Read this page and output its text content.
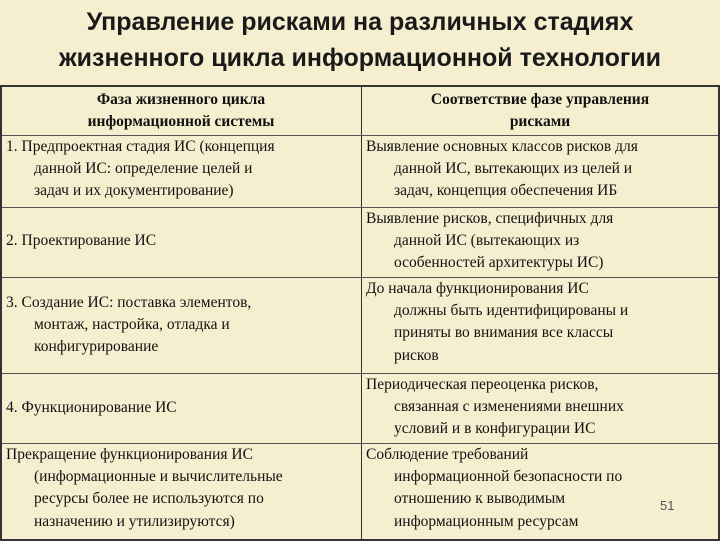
Управление рисками на различных стадиях
жизненного цикла информационной технологии
Фаза жизненного цикла
информационной системы
Соответствие фазе управления
рисками
1. Предпроектная стадия ИС (концепция
данной ИС: определение целей и
задач и их документирование)
Выявление основных классов рисков для
данной ИС, вытекающих из целей и
задач, концепция обеспечения ИБ
2. Проектирование ИС
Выявление рисков, специфичных для
данной ИС (вытекающих из
особенностей архитектуры ИС)
3. Создание ИС: поставка элементов,
монтаж, настройка, отладка и
конфигурирование
До начала функционирования ИС
должны быть идентифицированы и
приняты во внимания все классы
рисков
4. Функционирование ИС
Периодическая переоценка рисков,
связанная с изменениями внешних
условий и в конфигурации ИС
Прекращение функционирования ИС
(информационные и вычислительные
ресурсы более не используются по
назначению и утилизируются)
Соблюдение требований
информационной безопасности по
отношению к выводимым
информационным ресурсам
51
